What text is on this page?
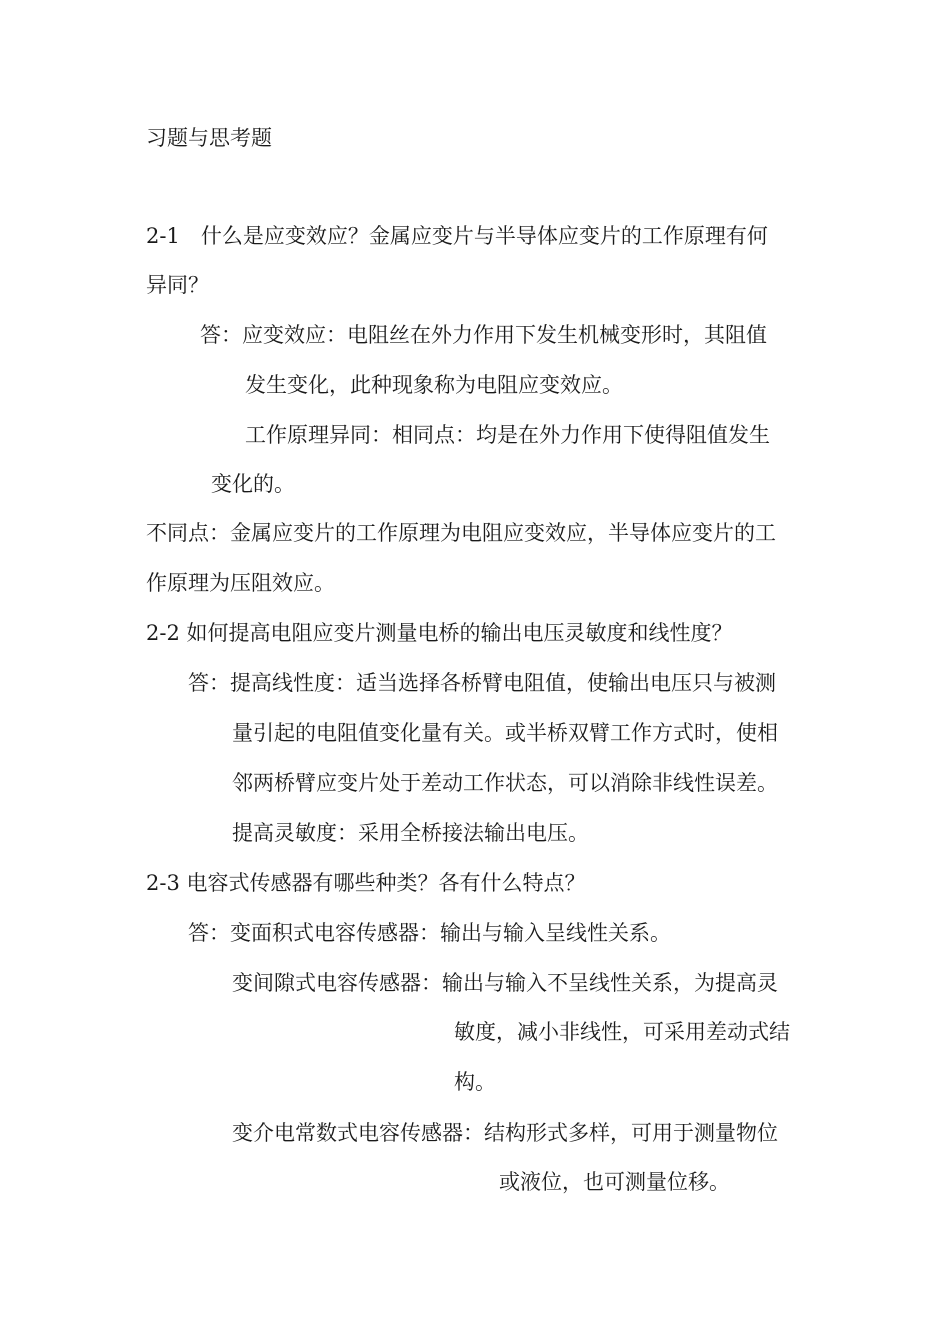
习题与思考题
2-1　什么是应变效应？金属应变片与半导体应变片的工作原理有何
异同？
答：应变效应：电阻丝在外力作用下发生机械变形时，其阻值
发生变化，此种现象称为电阻应变效应。
工作原理异同：相同点：均是在外力作用下使得阻值发生
变化的。
不同点：金属应变片的工作原理为电阻应变效应，半导体应变片的工
作原理为压阻效应。
2-2 如何提高电阻应变片测量电桥的输出电压灵敏度和线性度？
答：提高线性度：适当选择各桥臂电阻值，使输出电压只与被测
量引起的电阻值变化量有关。或半桥双臂工作方式时，使相
邻两桥臂应变片处于差动工作状态，可以消除非线性误差。
提高灵敏度：采用全桥接法输出电压。
2-3 电容式传感器有哪些种类？各有什么特点？
答：变面积式电容传感器：输出与输入呈线性关系。
变间隙式电容传感器：输出与输入不呈线性关系，为提高灵
敏度，减小非线性，可采用差动式结
构。
变介电常数式电容传感器：结构形式多样，可用于测量物位
或液位，也可测量位移。
